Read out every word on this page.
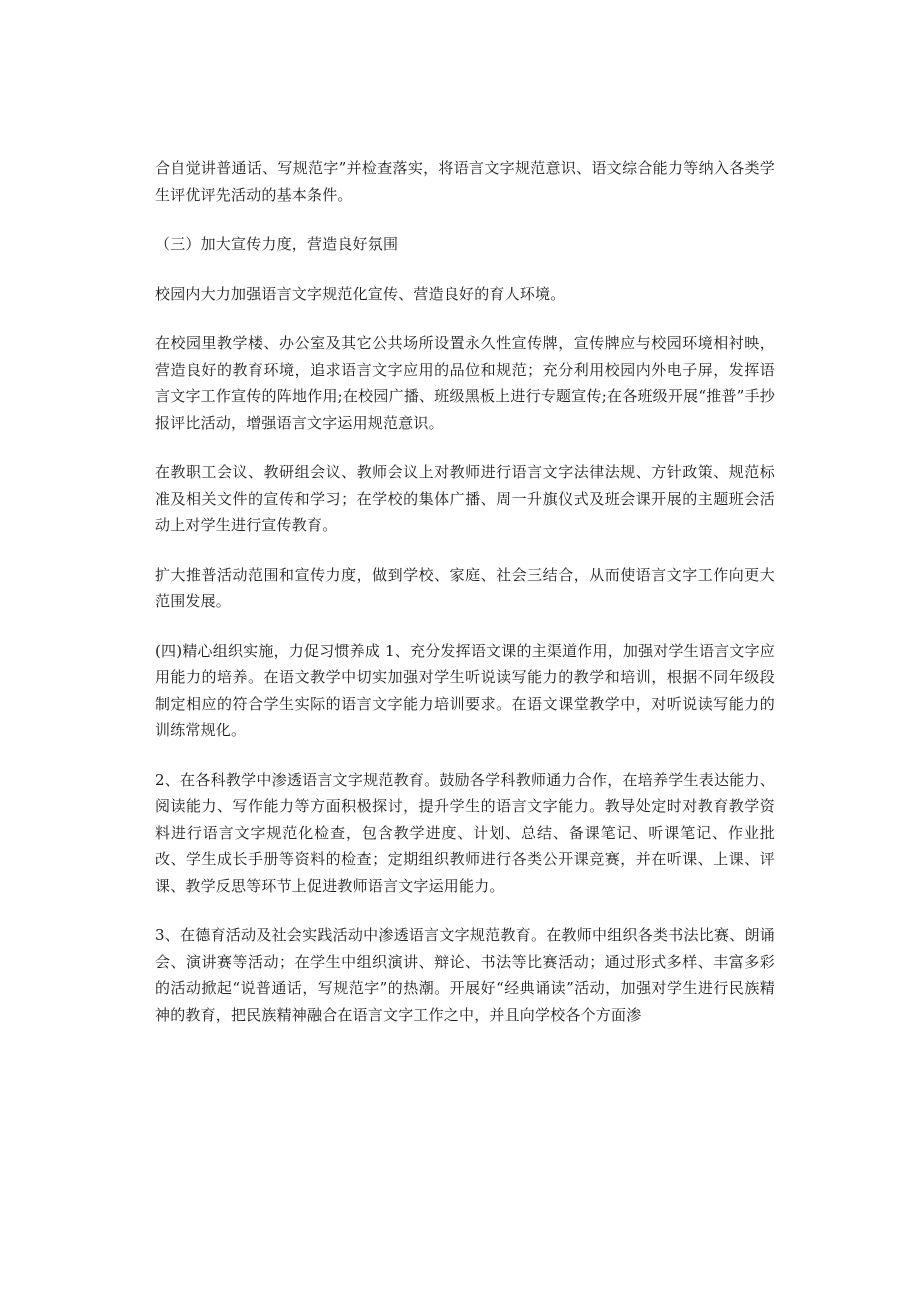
合自觉讲普通话、写规范字”并检查落实，将语言文字规范意识、语文综合能力等纳入各类学生评优评先活动的基本条件。

（三）加大宣传力度，营造良好氛围

校园内大力加强语言文字规范化宣传、营造良好的育人环境。

在校园里教学楼、办公室及其它公共场所设置永久性宣传牌，宣传牌应与校园环境相衬映，营造良好的教育环境，追求语言文字应用的品位和规范；充分利用校园内外电子屏，发挥语言文字工作宣传的阵地作用;在校园广播、班级黑板上进行专题宣传;在各班级开展“推普”手抄报评比活动，增强语言文字运用规范意识。

在教职工会议、教研组会议、教师会议上对教师进行语言文字法律法规、方针政策、规范标准及相关文件的宣传和学习；在学校的集体广播、周一升旗仪式及班会课开展的主题班会活动上对学生进行宣传教育。

扩大推普活动范围和宣传力度，做到学校、家庭、社会三结合，从而使语言文字工作向更大范围发展。

(四)精心组织实施，力促习惯养成 1、充分发挥语文课的主渠道作用，加强对学生语言文字应用能力的培养。在语文教学中切实加强对学生听说读写能力的教学和培训，根据不同年级段制定相应的符合学生实际的语言文字能力培训要求。在语文课堂教学中，对听说读写能力的训练常规化。

2、在各科教学中渗透语言文字规范教育。鼓励各学科教师通力合作，在培养学生表达能力、阅读能力、写作能力等方面积极探讨，提升学生的语言文字能力。教导处定时对教育教学资料进行语言文字规范化检查，包含教学进度、计划、总结、备课笔记、听课笔记、作业批改、学生成长手册等资料的检查；定期组织教师进行各类公开课竞赛，并在听课、上课、评课、教学反思等环节上促进教师语言文字运用能力。

3、在德育活动及社会实践活动中渗透语言文字规范教育。在教师中组织各类书法比赛、朗诵会、演讲赛等活动；在学生中组织演讲、辩论、书法等比赛活动；通过形式多样、丰富多彩的活动掀起“说普通话，写规范字”的热潮。开展好“经典诵读”活动，加强对学生进行民族精神的教育，把民族精神融合在语言文字工作之中，并且向学校各个方面渗
